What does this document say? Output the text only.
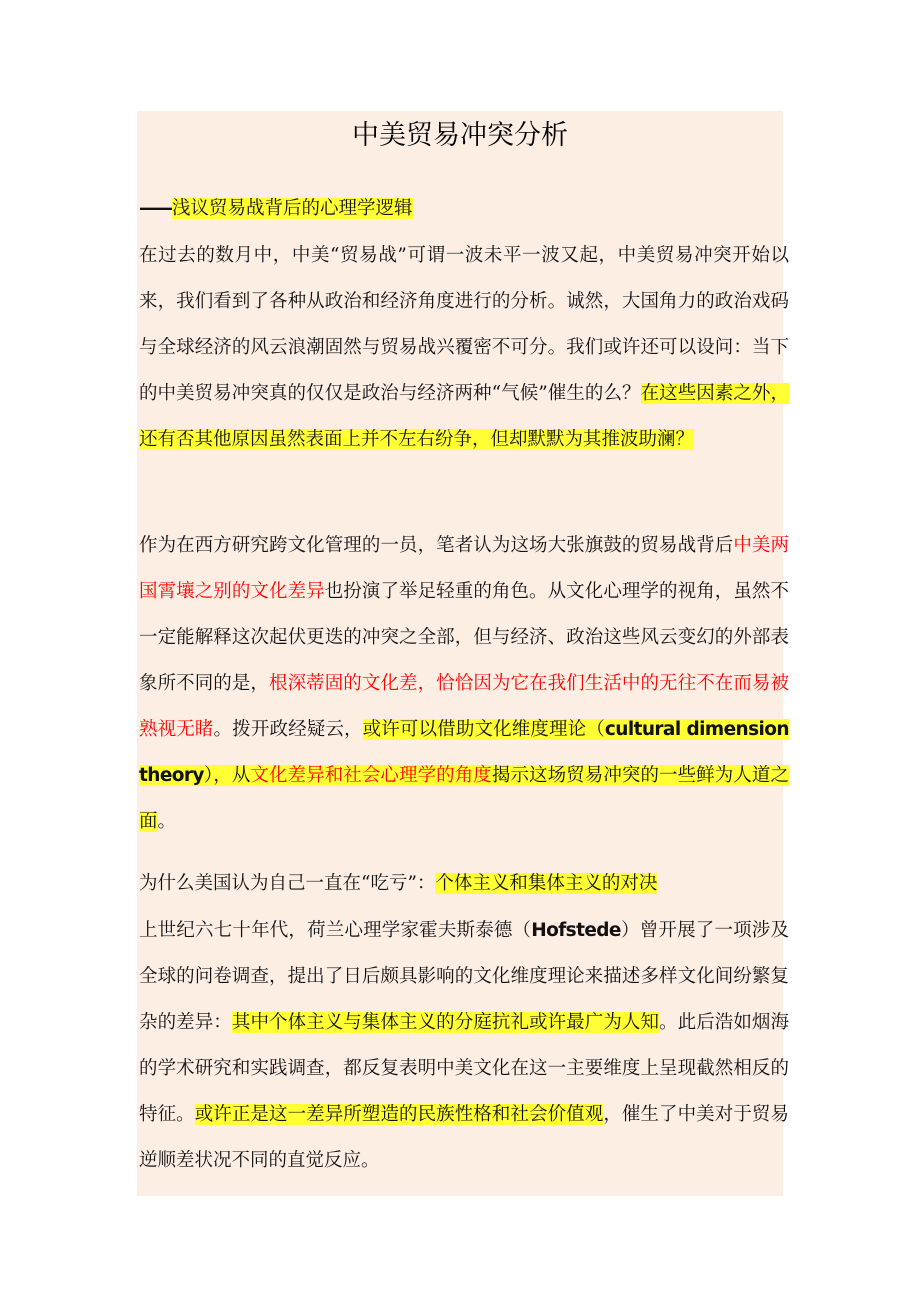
中美贸易冲突分析

——浅议贸易战背后的心理学逻辑

在过去的数月中，中美“贸易战”可谓一波未平一波又起，中美贸易冲突开始以来，我们看到了各种从政治和经济角度进行的分析。诚然，大国角力的政治戏码与全球经济的风云浪潮固然与贸易战兴覆密不可分。我们或许还可以设问：当下的中美贸易冲突真的仅仅是政治与经济两种“气候”催生的么？在这些因素之外，还有否其他原因虽然表面上并不左右纷争，但却默默为其推波助澜？

作为在西方研究跨文化管理的一员，笔者认为这场大张旗鼓的贸易战背后中美两国霄壤之别的文化差异也扮演了举足轻重的角色。从文化心理学的视角，虽然不一定能解释这次起伏更迭的冲突之全部，但与经济、政治这些风云变幻的外部表象所不同的是，根深蒂固的文化差，恰恰因为它在我们生活中的无往不在而易被熟视无睹。拨开政经疑云，或许可以借助文化维度理论（cultural dimension theory），从文化差异和社会心理学的角度揭示这场贸易冲突的一些鲜为人道之面。

为什么美国认为自己一直在“吃亏”：个体主义和集体主义的对决

上世纪六七十年代，荷兰心理学家霍夫斯泰德（Hofstede）曾开展了一项涉及全球的问卷调查，提出了日后颇具影响的文化维度理论来描述多样文化间纷繁复杂的差异：其中个体主义与集体主义的分庭抗礼或许最广为人知。此后浩如烟海的学术研究和实践调查，都反复表明中美文化在这一主要维度上呈现截然相反的特征。或许正是这一差异所塑造的民族性格和社会价值观，催生了中美对于贸易逆顺差状况不同的直觉反应。
